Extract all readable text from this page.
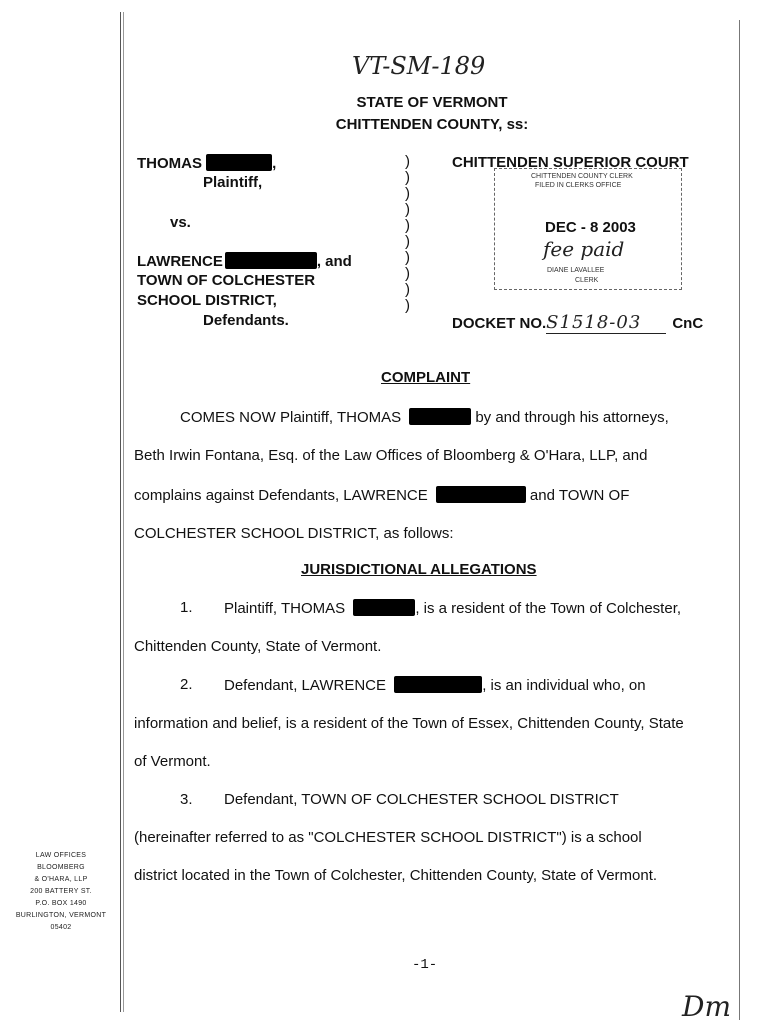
VT-SM-189
STATE OF VERMONT
CHITTENDEN COUNTY, ss:
THOMAS	,
Plaintiff,
vs.
LAWRENCE	, and
TOWN OF COLCHESTER
SCHOOL DISTRICT,
Defendants.
)
)
)
)
)
)
)
)
)
)
CHITTENDEN SUPERIOR COURT
CHITTENDEN COUNTY CLERK
FILED IN CLERKS OFFICE
DEC - 8 2003
fee paid
DIANE LAVALLEE
CLERK
DOCKET NO.S1518-03 CnC
COMPLAINT
COMES NOW Plaintiff, THOMAS	by and through his attorneys,
Beth Irwin Fontana, Esq. of the Law Offices of Bloomberg & O'Hara, LLP, and
complains against Defendants, LAWRENCE	and TOWN OF
COLCHESTER SCHOOL DISTRICT, as follows:
JURISDICTIONAL ALLEGATIONS
1. Plaintiff, THOMAS	, is a resident of the Town of Colchester,
Chittenden County, State of Vermont.
2. Defendant, LAWRENCE	, is an individual who, on
information and belief, is a resident of the Town of Essex, Chittenden County, State
of Vermont.
3. Defendant, TOWN OF COLCHESTER SCHOOL DISTRICT
(hereinafter referred to as "COLCHESTER SCHOOL DISTRICT") is a school
district located in the Town of Colchester, Chittenden County, State of Vermont.
LAW OFFICES
BLOOMBERG
& O'HARA, LLP
200 BATTERY ST.
P.O. BOX 1490
BURLINGTON, VERMONT
05402
-1-
Dm
